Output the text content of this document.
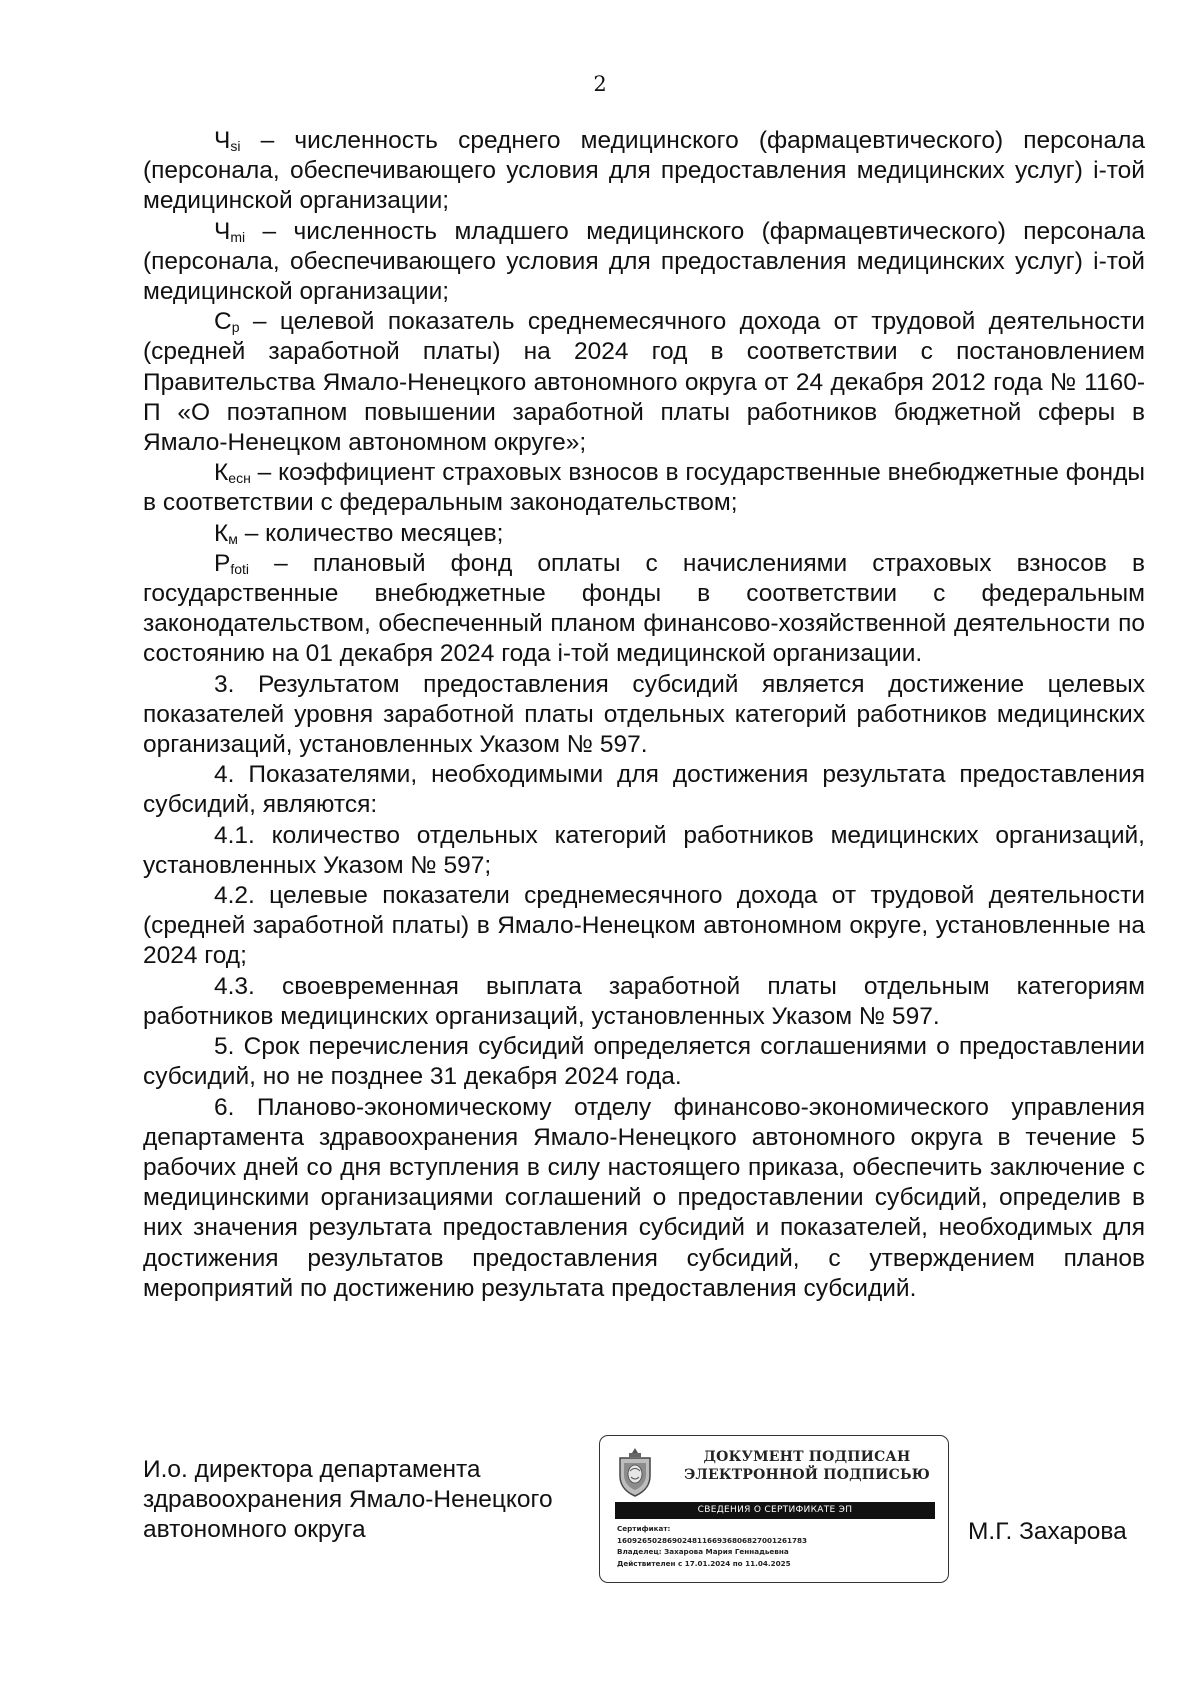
2

$Ч_{si}$ – численность среднего медицинского (фармацевтического) персонала (персонала, обеспечивающего условия для предоставления медицинских услуг) i-той медицинской организации;

$Ч_{mi}$ – численность младшего медицинского (фармацевтического) персонала (персонала, обеспечивающего условия для предоставления медицинских услуг) i-той медицинской организации;

$С_р$ – целевой показатель среднемесячного дохода от трудовой деятельности (средней заработной платы) на 2024 год в соответствии с постановлением Правительства Ямало-Ненецкого автономного округа от 24 декабря 2012 года № 1160-П «О поэтапном повышении заработной платы работников бюджетной сферы в Ямало-Ненецком автономном округе»;

$К_{есн}$ – коэффициент страховых взносов в государственные внебюджетные фонды в соответствии с федеральным законодательством;

$К_м$ – количество месяцев;

$Р_{foti}$ – плановый фонд оплаты с начислениями страховых взносов в государственные внебюджетные фонды в соответствии с федеральным законодательством, обеспеченный планом финансово-хозяйственной деятельности по состоянию на 01 декабря 2024 года i-той медицинской организации.

3. Результатом предоставления субсидий является достижение целевых показателей уровня заработной платы отдельных категорий работников медицинских организаций, установленных Указом № 597.

4. Показателями, необходимыми для достижения результата предоставления субсидий, являются:

4.1. количество отдельных категорий работников медицинских организаций, установленных Указом № 597;

4.2. целевые показатели среднемесячного дохода от трудовой деятельности (средней заработной платы) в Ямало-Ненецком автономном округе, установленные на 2024 год;

4.3. своевременная выплата заработной платы отдельным категориям работников медицинских организаций, установленных Указом № 597.

5. Срок перечисления субсидий определяется соглашениями о предоставлении субсидий, но не позднее 31 декабря 2024 года.

6. Планово-экономическому отделу финансово-экономического управления департамента здравоохранения Ямало-Ненецкого автономного округа в течение 5 рабочих дней со дня вступления в силу настоящего приказа, обеспечить заключение с медицинскими организациями соглашений о предоставлении субсидий, определив в них значения результата предоставления субсидий и показателей, необходимых для достижения результатов предоставления субсидий, с утверждением планов мероприятий по достижению результата предоставления субсидий.

И.о. директора департамента
здравоохранения Ямало-Ненецкого
автономного округа
ДОКУМЕНТ ПОДПИСАН
ЭЛЕКТРОННОЙ ПОДПИСЬЮ
СВЕДЕНИЯ О СЕРТИФИКАТЕ ЭП
Сертификат:
16092650286902481166936806827001261783
Владелец: Захарова Мария Геннадьевна
Действителен с 17.01.2024 по 11.04.2025
М.Г. Захарова
